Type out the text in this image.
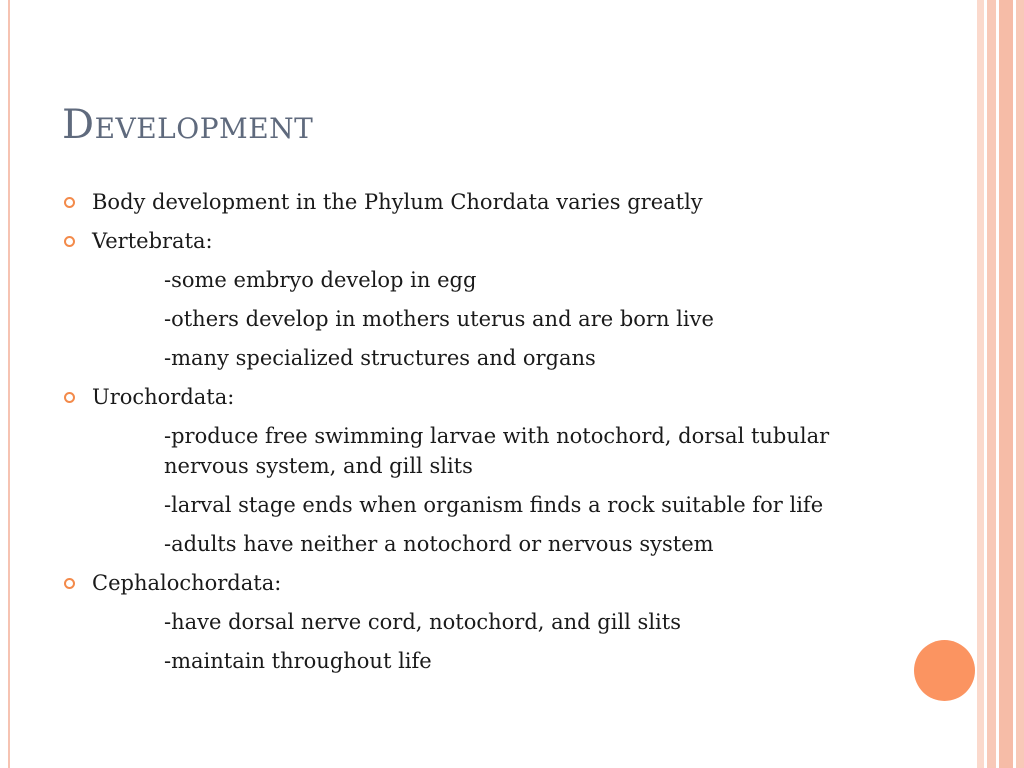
Development
Body development in the Phylum Chordata varies greatly
Vertebrata:
-some embryo develop in egg
-others develop in mothers uterus and are born live
-many specialized structures and organs
Urochordata:
-produce free swimming larvae with notochord, dorsal tubular nervous system, and gill slits
-larval stage ends when organism finds a rock suitable for life
-adults have neither a notochord or nervous system
Cephalochordata:
-have dorsal nerve cord, notochord, and gill slits
-maintain throughout life
